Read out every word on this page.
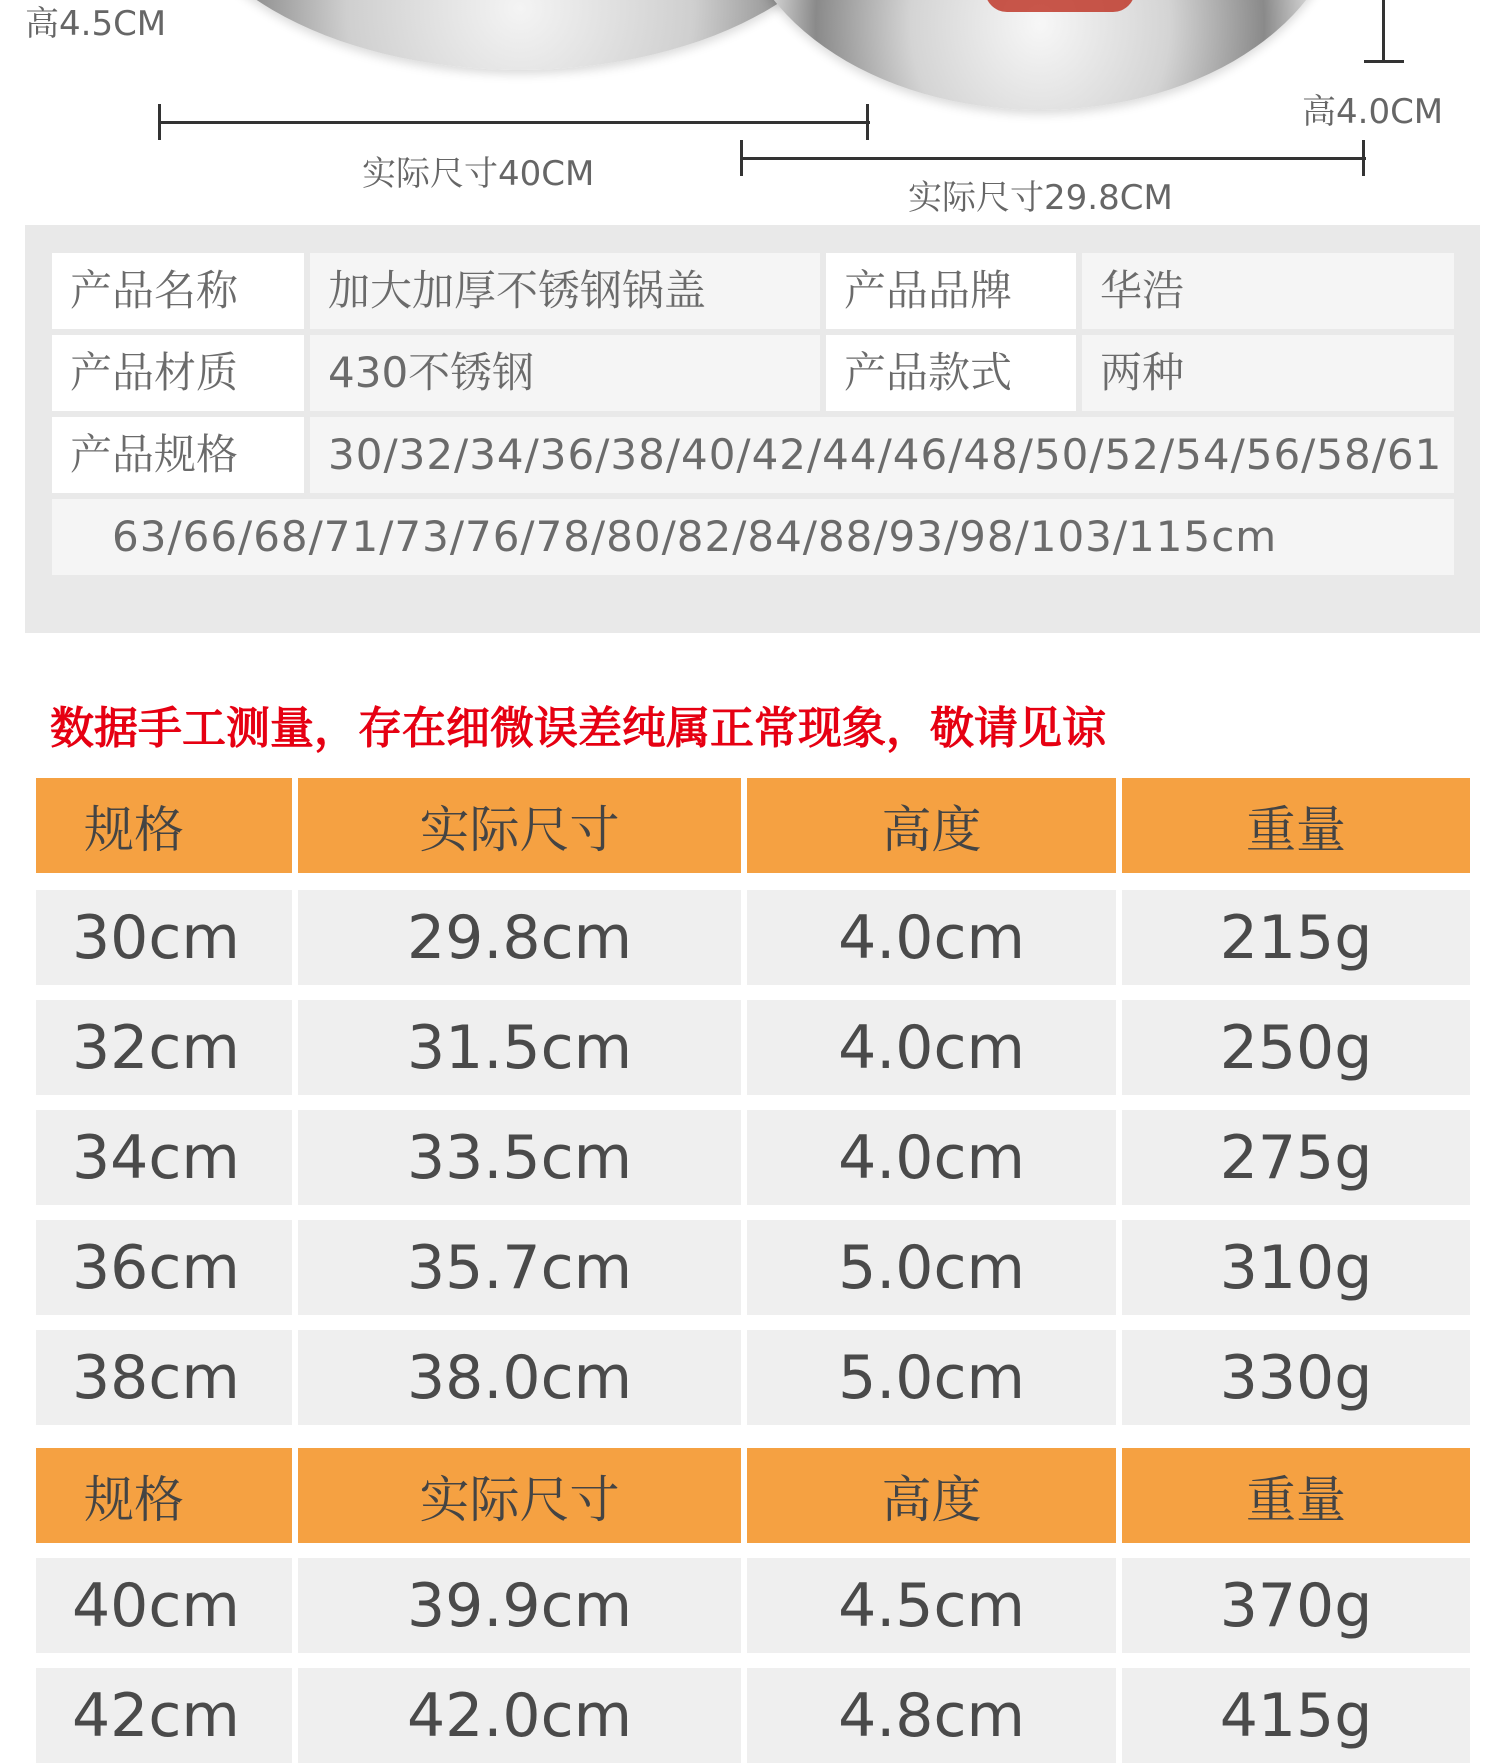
高4.5CM
高4.0CM
实际尺寸40CM
实际尺寸29.8CM
产品名称	加大加厚不锈钢锅盖	产品品牌	华浩
产品材质	430不锈钢	产品款式	两种
产品规格	30/32/34/36/38/40/42/44/46/48/50/52/54/56/58/61
63/66/68/71/73/76/78/80/82/84/88/93/98/103/115cm
数据手工测量，存在细微误差纯属正常现象，敬请见谅
规格	实际尺寸	高度	重量
30cm	29.8cm	4.0cm	215g
32cm	31.5cm	4.0cm	250g
34cm	33.5cm	4.0cm	275g
36cm	35.7cm	5.0cm	310g
38cm	38.0cm	5.0cm	330g
规格	实际尺寸	高度	重量
40cm	39.9cm	4.5cm	370g
42cm	42.0cm	4.8cm	415g
